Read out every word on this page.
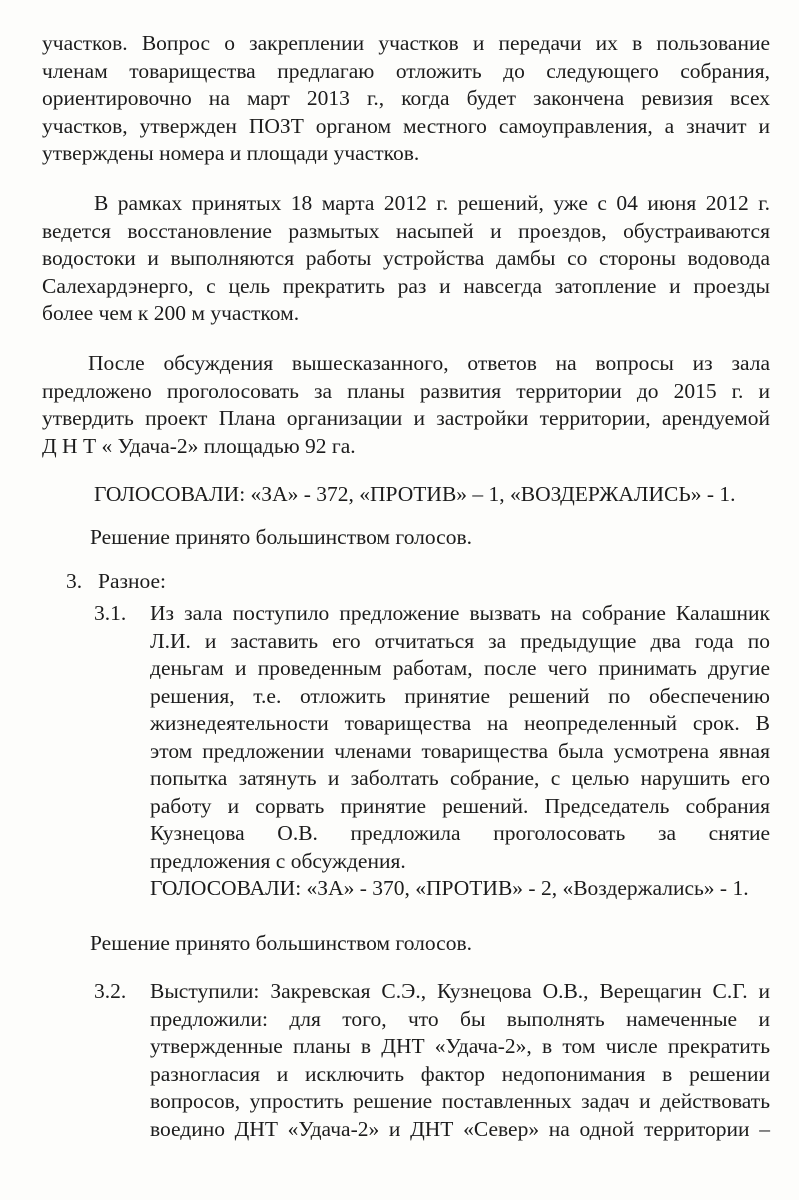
участков. Вопрос о закреплении участков и передачи их в пользование
членам товарищества предлагаю отложить до следующего собрания,
ориентировочно на март 2013 г., когда будет закончена ревизия всех
участков, утвержден ПОЗТ органом местного самоуправления, а значит и
утверждены номера и площади участков.
В рамках принятых 18 марта 2012 г. решений, уже с 04 июня 2012 г.
ведется восстановление размытых насыпей и проездов, обустраиваются
водостоки и выполняются работы устройства дамбы со стороны водовода
Салехардэнерго, с цель прекратить раз и навсегда затопление и проезды
более чем к 200 м участком.
После обсуждения вышесказанного, ответов на вопросы из зала
предложено проголосовать за планы развития территории до 2015 г. и
утвердить проект Плана организации и застройки территории, арендуемой
Д Н Т « Удача-2» площадью 92 га.
ГОЛОСОВАЛИ: «ЗА» - 372, «ПРОТИВ» – 1, «ВОЗДЕРЖАЛИСЬ» - 1.
Решение принято большинством голосов.
3. Разное:
3.1. Из зала поступило предложение вызвать на собрание Калашник
Л.И. и заставить его отчитаться за предыдущие два года по
деньгам и проведенным работам, после чего принимать другие
решения, т.е. отложить принятие решений по обеспечению
жизнедеятельности товарищества на неопределенный срок. В
этом предложении членами товарищества была усмотрена явная
попытка затянуть и заболтать собрание, с целью нарушить его
работу и сорвать принятие решений. Председатель собрания
Кузнецова О.В. предложила проголосовать за снятие
предложения с обсуждения.
ГОЛОСОВАЛИ: «ЗА» - 370, «ПРОТИВ» - 2, «Воздержались» - 1.
Решение принято большинством голосов.
3.2. Выступили: Закревская С.Э., Кузнецова О.В., Верещагин С.Г. и
предложили: для того, что бы выполнять намеченные и
утвержденные планы в ДНТ «Удача-2», в том числе прекратить
разногласия и исключить фактор недопонимания в решении
вопросов, упростить решение поставленных задач и действовать
воедино ДНТ «Удача-2» и ДНТ «Север» на одной территории –
